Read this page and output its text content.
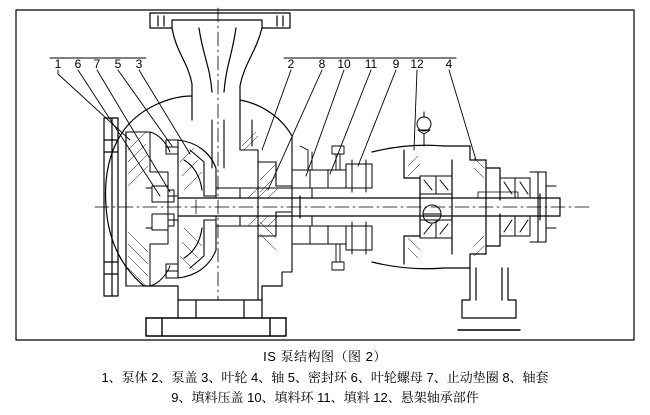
1 6 7 5 3	2 8 10 11 9 12 4
IS 泵结构图（图 2）
1、泵体 2、泵盖 3、叶轮 4、轴 5、密封环 6、叶轮螺母 7、止动垫圈 8、轴套
9、填料压盖 10、填料环 11、填料 12、悬架轴承部件
